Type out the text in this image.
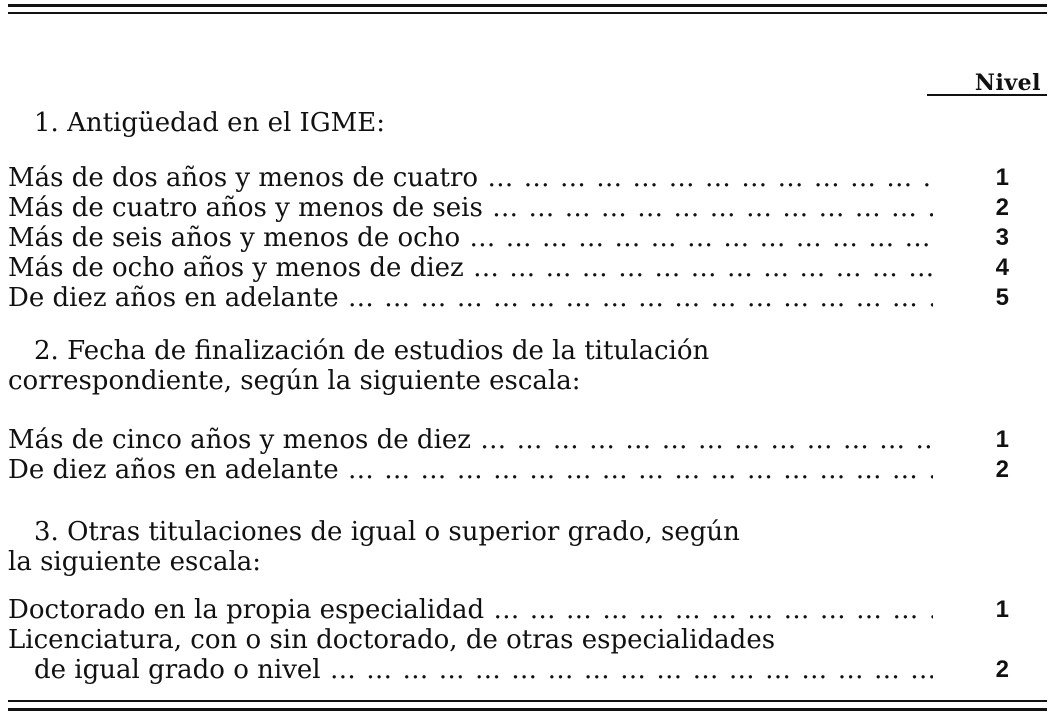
Nivel
1. Antigüedad en el IGME:
Más de dos años y menos de cuatro … … … … … … … … … … … … … … … … … … … … … … … … … … … …	1
Más de cuatro años y menos de seis … … … … … … … … … … … … … … … … … … … … … … … … … … … …	2
Más de seis años y menos de ocho … … … … … … … … … … … … … … … … … … … … … … … … … … … …	3
Más de ocho años y menos de diez … … … … … … … … … … … … … … … … … … … … … … … … … … … …	4
De diez años en adelante … … … … … … … … … … … … … … … … … … … … … … … … … … … …	5
2. Fecha de finalización de estudios de la titulación
correspondiente, según la siguiente escala:
Más de cinco años y menos de diez … … … … … … … … … … … … … … … … … … … … … … … … … … … …	1
De diez años en adelante … … … … … … … … … … … … … … … … … … … … … … … … … … … …	2
3. Otras titulaciones de igual o superior grado, según
la siguiente escala:
Doctorado en la propia especialidad … … … … … … … … … … … … … … … … … … … … … … … … … … … …	1
Licenciatura, con o sin doctorado, de otras especialidades
de igual grado o nivel … … … … … … … … … … … … … … … … … … … … … … … … … … … …	2
